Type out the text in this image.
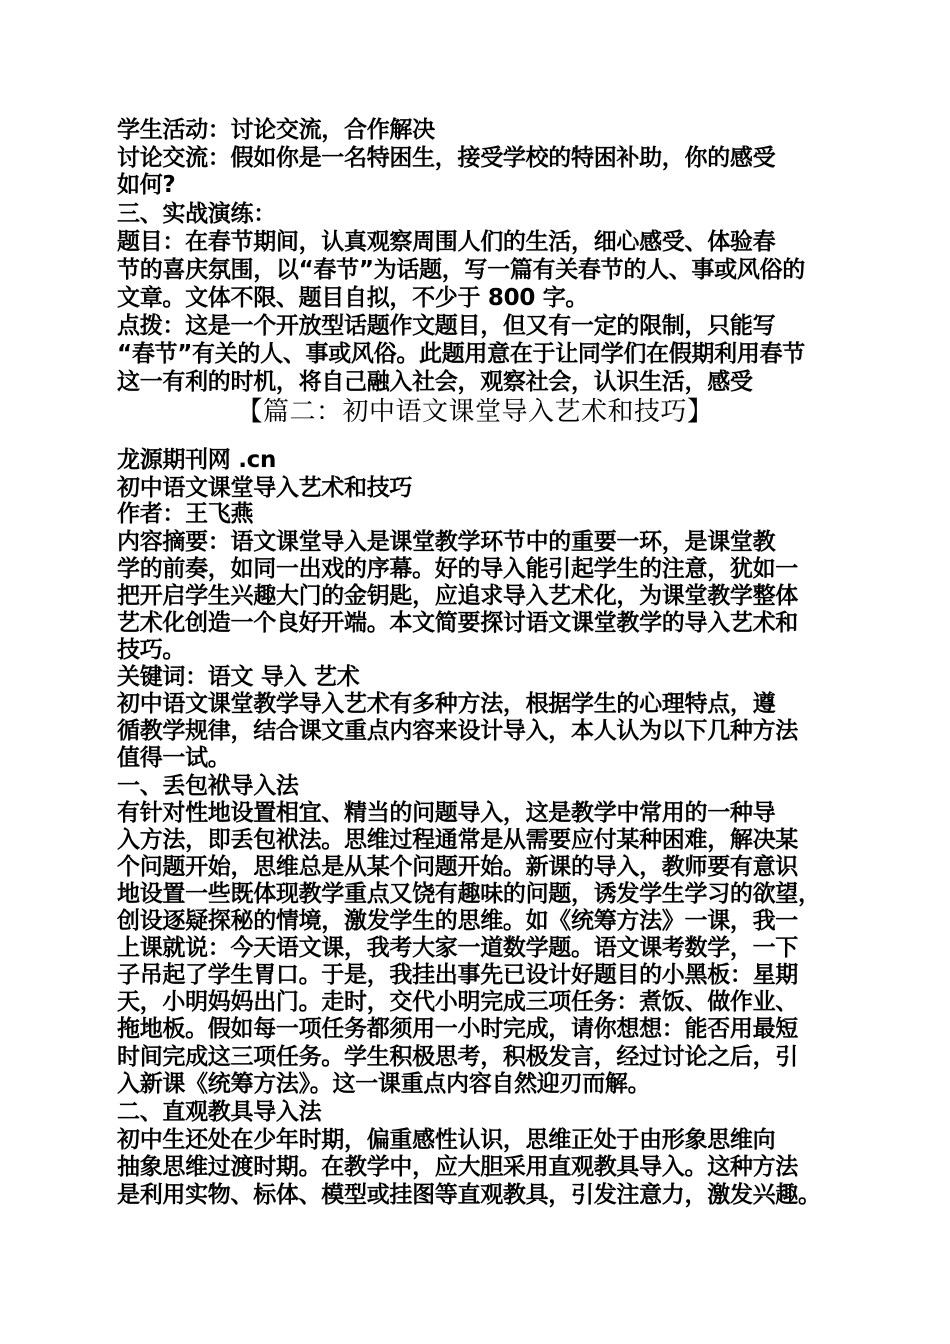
学生活动：讨论交流，合作解决
讨论交流：假如你是一名特困生，接受学校的特困补助，你的感受
如何?
三、实战演练：
题目：在春节期间，认真观察周围人们的生活，细心感受、体验春
节的喜庆氛围，以“春节”为话题，写一篇有关春节的人、事或风俗的
文章。文体不限、题目自拟，不少于 800 字。
点拨：这是一个开放型话题作文题目，但又有一定的限制，只能写
“春节”有关的人、事或风俗。此题用意在于让同学们在假期利用春节
这一有利的时机，将自己融入社会，观察社会，认识生活，感受
【篇二：初中语文课堂导入艺术和技巧】
龙源期刊网 .cn
初中语文课堂导入艺术和技巧
作者：王飞燕
内容摘要：语文课堂导入是课堂教学环节中的重要一环，是课堂教
学的前奏，如同一出戏的序幕。好的导入能引起学生的注意，犹如一
把开启学生兴趣大门的金钥匙，应追求导入艺术化，为课堂教学整体
艺术化创造一个良好开端。本文简要探讨语文课堂教学的导入艺术和
技巧。
关键词：语文 导入 艺术
初中语文课堂教学导入艺术有多种方法，根据学生的心理特点，遵
循教学规律，结合课文重点内容来设计导入，本人认为以下几种方法
值得一试。
一、丢包袱导入法
有针对性地设置相宜、精当的问题导入，这是教学中常用的一种导
入方法，即丢包袱法。思维过程通常是从需要应付某种困难，解决某
个问题开始，思维总是从某个问题开始。新课的导入，教师要有意识
地设置一些既体现教学重点又饶有趣味的问题，诱发学生学习的欲望，
创设逐疑探秘的情境，激发学生的思维。如《统筹方法》一课，我一
上课就说：今天语文课，我考大家一道数学题。语文课考数学，一下
子吊起了学生胃口。于是，我挂出事先已设计好题目的小黑板：星期
天，小明妈妈出门。走时，交代小明完成三项任务：煮饭、做作业、
拖地板。假如每一项任务都须用一小时完成，请你想想：能否用最短
时间完成这三项任务。学生积极思考，积极发言，经过讨论之后，引
入新课《统筹方法》。这一课重点内容自然迎刃而解。
二、直观教具导入法
初中生还处在少年时期，偏重感性认识，思维正处于由形象思维向
抽象思维过渡时期。在教学中，应大胆采用直观教具导入。这种方法
是利用实物、标体、模型或挂图等直观教具，引发注意力，激发兴趣。
